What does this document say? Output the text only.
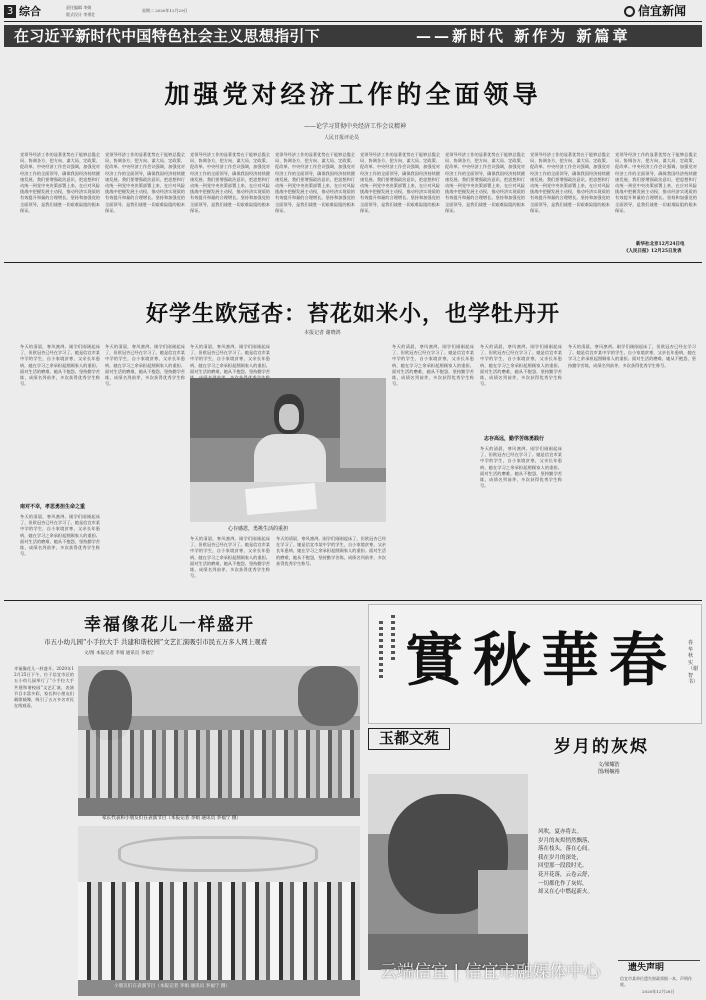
3 综合	责任编辑 李娟
版式设计 李勇壮
星期二 2020年12月29日	信宜新闻
在习近平新时代中国特色社会主义思想指引下	——新时代 新作为 新篇章
加强党对经济工作的全面领导
——论学习贯彻中央经济工作会议精神
人民日报评论员
党领导经济工作的显著优势在于能够总揽全局、协调各方，把方向、谋大局、定政策、促改革。中央经济工作会议强调，加强党对经济工作的全面领导，确保我国经济持续健康发展。我们要增强政治意识，把思想和行动统一到党中央决策部署上来，在应对风险挑战中把握发展主动权，推动经济实现质的有效提升和量的合理增长。坚持和加强党的全面领导，是我们战胜一切艰难险阻的根本保证。
党领导经济工作的显著优势在于能够总揽全局、协调各方，把方向、谋大局、定政策、促改革。中央经济工作会议强调，加强党对经济工作的全面领导，确保我国经济持续健康发展。我们要增强政治意识，把思想和行动统一到党中央决策部署上来，在应对风险挑战中把握发展主动权，推动经济实现质的有效提升和量的合理增长。坚持和加强党的全面领导，是我们战胜一切艰难险阻的根本保证。
党领导经济工作的显著优势在于能够总揽全局、协调各方，把方向、谋大局、定政策、促改革。中央经济工作会议强调，加强党对经济工作的全面领导，确保我国经济持续健康发展。我们要增强政治意识，把思想和行动统一到党中央决策部署上来，在应对风险挑战中把握发展主动权，推动经济实现质的有效提升和量的合理增长。坚持和加强党的全面领导，是我们战胜一切艰难险阻的根本保证。
党领导经济工作的显著优势在于能够总揽全局、协调各方，把方向、谋大局、定政策、促改革。中央经济工作会议强调，加强党对经济工作的全面领导，确保我国经济持续健康发展。我们要增强政治意识，把思想和行动统一到党中央决策部署上来，在应对风险挑战中把握发展主动权，推动经济实现质的有效提升和量的合理增长。坚持和加强党的全面领导，是我们战胜一切艰难险阻的根本保证。
党领导经济工作的显著优势在于能够总揽全局、协调各方，把方向、谋大局、定政策、促改革。中央经济工作会议强调，加强党对经济工作的全面领导，确保我国经济持续健康发展。我们要增强政治意识，把思想和行动统一到党中央决策部署上来，在应对风险挑战中把握发展主动权，推动经济实现质的有效提升和量的合理增长。坚持和加强党的全面领导，是我们战胜一切艰难险阻的根本保证。
党领导经济工作的显著优势在于能够总揽全局、协调各方，把方向、谋大局、定政策、促改革。中央经济工作会议强调，加强党对经济工作的全面领导，确保我国经济持续健康发展。我们要增强政治意识，把思想和行动统一到党中央决策部署上来，在应对风险挑战中把握发展主动权，推动经济实现质的有效提升和量的合理增长。坚持和加强党的全面领导，是我们战胜一切艰难险阻的根本保证。
党领导经济工作的显著优势在于能够总揽全局、协调各方，把方向、谋大局、定政策、促改革。中央经济工作会议强调，加强党对经济工作的全面领导，确保我国经济持续健康发展。我们要增强政治意识，把思想和行动统一到党中央决策部署上来，在应对风险挑战中把握发展主动权，推动经济实现质的有效提升和量的合理增长。坚持和加强党的全面领导，是我们战胜一切艰难险阻的根本保证。
党领导经济工作的显著优势在于能够总揽全局、协调各方，把方向、谋大局、定政策、促改革。中央经济工作会议强调，加强党对经济工作的全面领导，确保我国经济持续健康发展。我们要增强政治意识，把思想和行动统一到党中央决策部署上来，在应对风险挑战中把握发展主动权，推动经济实现质的有效提升和量的合理增长。坚持和加强党的全面领导，是我们战胜一切艰难险阻的根本保证。
新华社北京12月24日电
《人民日报》12月25日发表
好学生欧冠杏：苔花如米小，也学牡丹开
本报记者 谢晓鸿
冬天的清晨，寒风凛冽。刚学们刚刚起床了，但欧冠杏已经在学习了。她是信宜市某中学的学生，自小家境贫寒，父亲长年患病，她在学习之余承担起照顾家人的重担。面对生活的磨难，她从不抱怨，坚持勤学苦练，成绩名列前茅，多次获得优秀学生称号。
南对不幸，孝思勇担生命之重
冬天的清晨，寒风凛冽。刚学们刚刚起床了，但欧冠杏已经在学习了。她是信宜市某中学的学生，自小家境贫寒，父亲长年患病，她在学习之余承担起照顾家人的重担。面对生活的磨难，她从不抱怨，坚持勤学苦练，成绩名列前茅，多次获得优秀学生称号。
冬天的清晨，寒风凛冽。刚学们刚刚起床了，但欧冠杏已经在学习了。她是信宜市某中学的学生，自小家境贫寒，父亲长年患病，她在学习之余承担起照顾家人的重担。面对生活的磨难，她从不抱怨，坚持勤学苦练，成绩名列前茅，多次获得优秀学生称号。
冬天的清晨，寒风凛冽。刚学们刚刚起床了，但欧冠杏已经在学习了。她是信宜市某中学的学生，自小家境贫寒，父亲长年患病，她在学习之余承担起照顾家人的重担。面对生活的磨难，她从不抱怨，坚持勤学苦
心存感恩，勇挑生活的重担
冬天的清晨，寒风凛冽。刚学们刚刚起床了，但欧冠杏已经在学习了。她是信宜市某中学的学生，自小家境贫寒，父亲长年患病，她在学习之余承担起照顾家人的重担。面对生活的磨难，她从不抱怨，坚持勤学苦练，成绩名列前茅，多次获得优秀学生称号。
冬天的清晨，寒风凛冽。刚学们刚刚起床了，但欧冠杏已经在学习了。她是信宜市某中学的学生，自小家境贫寒，父亲长年患病，她在学习之余承担起照顾家人的重担。面对生活的磨难，她从不抱怨，坚持勤学苦练，成绩名列前茅，多次获得优秀学生称号。
冬天的清晨，寒风凛冽。刚学们刚刚起床了，但欧冠杏已经在学习了。她是信宜市某中学的学生，自小家境贫寒，父亲长年患病，她在学习之余承担起照顾家人的重担。面对生活的磨难，她从不抱怨，坚持勤学苦练，成绩名列前茅，多次获得优秀学生称号。
冬天的清晨，寒风凛冽。刚学们刚刚起床了，但欧冠杏已经在学习了。她是信宜市某中学的学生，自小家境贫寒，父亲长年患病，她在学习之余承担起照顾家人的重担。面对生活的磨难，她从不抱怨，坚持勤学苦练，成绩名列前茅，多次获得优秀学生称号。
志存高远，勤学苦练勇践行
冬天的清晨，寒风凛冽。刚学们刚刚起床了，但欧冠杏已经在学习了。她是信宜市某中学的学生，自小家境贫寒，父亲长年患病，她在学习之余承担起照顾家人的重担。面对生活的磨难，她从不抱怨，坚持勤学苦练，成绩名列前茅，多次获得优秀学生称号。
冬天的清晨，寒风凛冽。刚学们刚刚起床了，但欧冠杏已经在学习了。她是信宜市某中学的学生，自小家境贫寒，父亲长年患病，她在学习之余承担起照顾家人的重担。面对生活的磨难，她从不抱怨，坚持勤学苦练，成绩名列前茅，多次获得优秀学生称号。
幸福像花儿一样盛开
市五小幼儿园“小手拉大手 共建和谐校园”文艺汇演吸引市民五万多人网上观看
文/图 本报记者 李娟 通讯员 李福宁
幸福像花儿一样盛开。2020年12月25日下午，位于信宜市区的五小幼儿园举行了“小手拉大手 共建和谐校园”文艺汇演，表演节目丰富多彩，家长和小朋友们载歌载舞，吸引了五万多名市民在线观看。
家长代表和小朋友们在表演节目（本报记者 李娟 通讯员 李福宁 摄）
小朋友们在表演节目（本报记者 李娟 通讯员 李福宁 摄）
實秋華春	春华秋实（谢智 书）
玉都文苑	岁月的灰烬
文/梁耀浩
图/杨毓裕
风吹，夏亦将去。
岁月的灰烬悄然飘落，
落在枝头，落在心间。
我在岁月的深处，
回望那一段段时光。
花开花落，云卷云舒，
一切都化作了灰烬，
却又在心中燃起新火。
遗失声明
信宜市某单位遗失财政票据一本，声明作废。
2020年12月28日
云端信宜 | 信宜市融媒体中心
